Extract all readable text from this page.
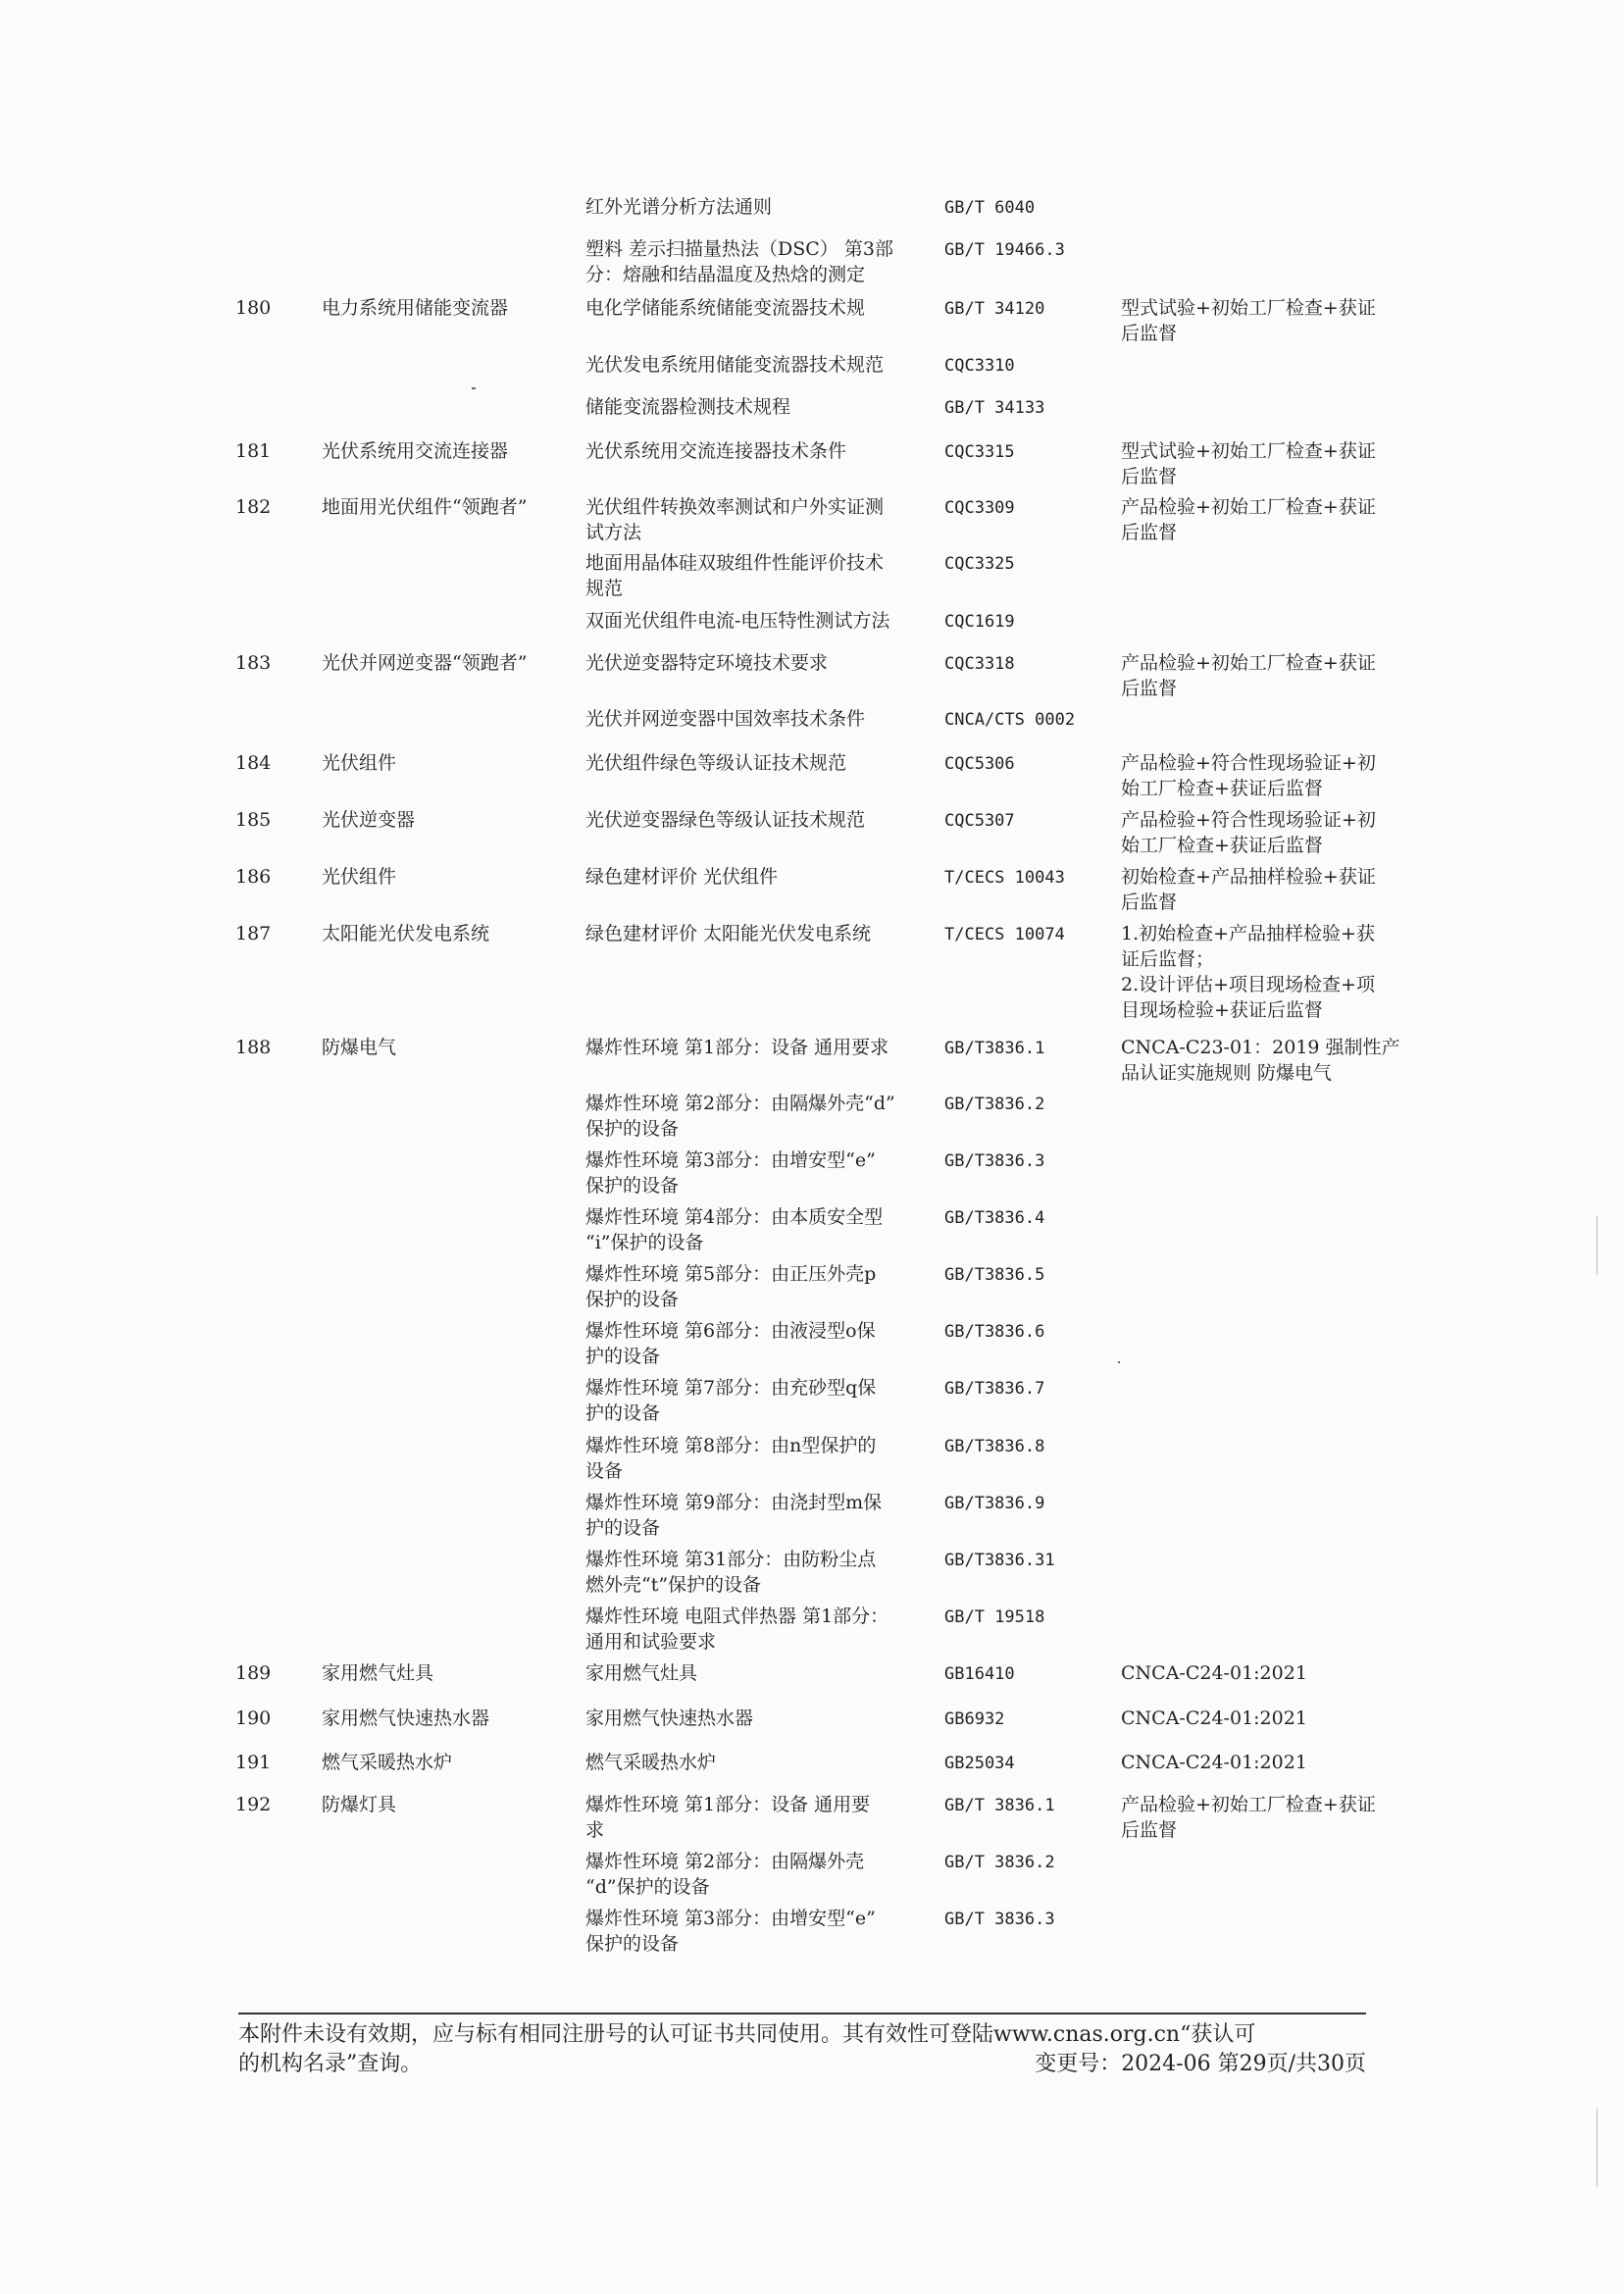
红外光谱分析方法通则	GB/T 6040
塑料 差示扫描量热法（DSC） 第3部
分：熔融和结晶温度及热焓的测定
GB/T 19466.3
180	电力系统用储能变流器	电化学储能系统储能变流器技术规	GB/T 34120	型式试验+初始工厂检查+获证
后监督
光伏发电系统用储能变流器技术规范	CQC3310
储能变流器检测技术规程	GB/T 34133
181	光伏系统用交流连接器	光伏系统用交流连接器技术条件	CQC3315	型式试验+初始工厂检查+获证
后监督
182	地面用光伏组件“领跑者”	光伏组件转换效率测试和户外实证测
试方法
CQC3309	产品检验+初始工厂检查+获证
后监督
地面用晶体硅双玻组件性能评价技术
规范
CQC3325
双面光伏组件电流-电压特性测试方法	CQC1619
183	光伏并网逆变器“领跑者”	光伏逆变器特定环境技术要求	CQC3318	产品检验+初始工厂检查+获证
后监督
光伏并网逆变器中国效率技术条件	CNCA/CTS 0002
184	光伏组件	光伏组件绿色等级认证技术规范	CQC5306	产品检验+符合性现场验证+初
始工厂检查+获证后监督
185	光伏逆变器	光伏逆变器绿色等级认证技术规范	CQC5307	产品检验+符合性现场验证+初
始工厂检查+获证后监督
186	光伏组件	绿色建材评价 光伏组件	T/CECS 10043	初始检查+产品抽样检验+获证
后监督
187	太阳能光伏发电系统	绿色建材评价 太阳能光伏发电系统	T/CECS 10074	1.初始检查+产品抽样检验+获
证后监督；
2.设计评估+项目现场检查+项
目现场检验+获证后监督
188	防爆电气	爆炸性环境 第1部分：设备 通用要求	GB/T3836.1	CNCA-C23-01：2019 强制性产
品认证实施规则 防爆电气
爆炸性环境 第2部分：由隔爆外壳“d”
保护的设备
GB/T3836.2
爆炸性环境 第3部分：由增安型“e”
保护的设备
GB/T3836.3
爆炸性环境 第4部分：由本质安全型
“i”保护的设备
GB/T3836.4
爆炸性环境 第5部分：由正压外壳p
保护的设备
GB/T3836.5
爆炸性环境 第6部分：由液浸型o保
护的设备
GB/T3836.6
爆炸性环境 第7部分：由充砂型q保
护的设备
GB/T3836.7
爆炸性环境 第8部分：由n型保护的
设备
GB/T3836.8
爆炸性环境 第9部分：由浇封型m保
护的设备
GB/T3836.9
爆炸性环境 第31部分：由防粉尘点
燃外壳“t”保护的设备
GB/T3836.31
爆炸性环境 电阻式伴热器 第1部分：
通用和试验要求
GB/T 19518
189	家用燃气灶具	家用燃气灶具	GB16410	CNCA-C24-01:2021
190	家用燃气快速热水器	家用燃气快速热水器	GB6932	CNCA-C24-01:2021
191	燃气采暖热水炉	燃气采暖热水炉	GB25034	CNCA-C24-01:2021
192	防爆灯具	爆炸性环境 第1部分：设备 通用要
求
GB/T 3836.1	产品检验+初始工厂检查+获证
后监督
爆炸性环境 第2部分：由隔爆外壳
“d”保护的设备
GB/T 3836.2
爆炸性环境 第3部分：由增安型“e”
保护的设备
GB/T 3836.3
本附件未设有效期，应与标有相同注册号的认可证书共同使用。其有效性可登陆www.cnas.org.cn“获认可
的机构名录”查询。	变更号：2024-06 第29页/共30页
